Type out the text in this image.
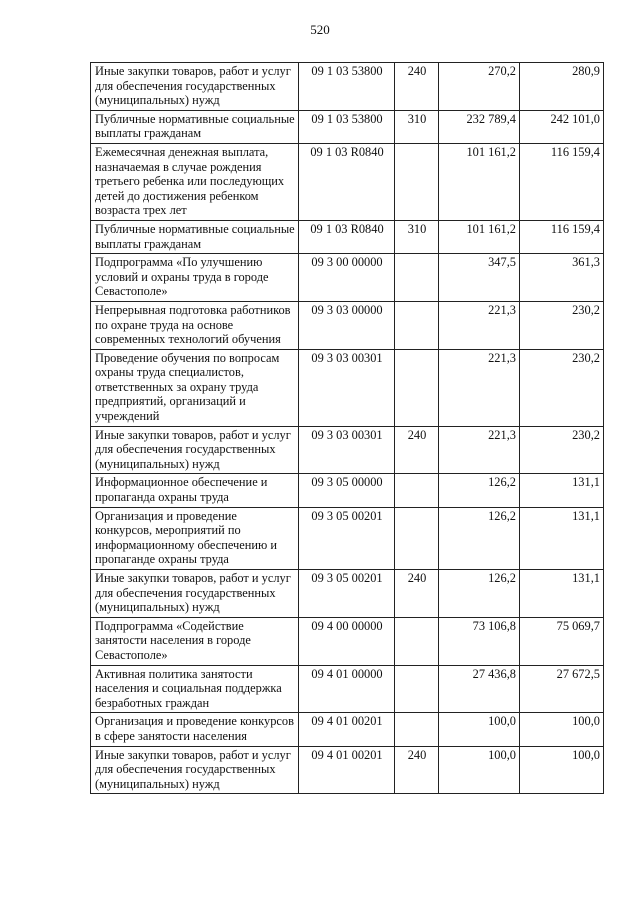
520
Иные закупки товаров, работ и услуг для обеспечения государственных (муниципальных) нужд	09 1 03 53800	240	270,2	280,9
Публичные нормативные социальные выплаты гражданам	09 1 03 53800	310	232 789,4	242 101,0
Ежемесячная денежная выплата, назначаемая в случае рождения третьего ребенка или последующих детей до достижения ребенком возраста трех лет	09 1 03 R0840		101 161,2	116 159,4
Публичные нормативные социальные выплаты гражданам	09 1 03 R0840	310	101 161,2	116 159,4
Подпрограмма «По улучшению условий и охраны труда в городе Севастополе»	09 3 00 00000		347,5	361,3
Непрерывная подготовка работников по охране труда на основе современных технологий обучения	09 3 03 00000		221,3	230,2
Проведение обучения по вопросам охраны труда специалистов, ответственных за охрану труда предприятий, организаций и учреждений	09 3 03 00301		221,3	230,2
Иные закупки товаров, работ и услуг для обеспечения государственных (муниципальных) нужд	09 3 03 00301	240	221,3	230,2
Информационное обеспечение и пропаганда охраны труда	09 3 05 00000		126,2	131,1
Организация и проведение конкурсов, мероприятий по информационному обеспечению и пропаганде охраны труда	09 3 05 00201		126,2	131,1
Иные закупки товаров, работ и услуг для обеспечения государственных (муниципальных) нужд	09 3 05 00201	240	126,2	131,1
Подпрограмма «Содействие занятости населения в городе Севастополе»	09 4 00 00000		73 106,8	75 069,7
Активная политика занятости населения и социальная поддержка безработных граждан	09 4 01 00000		27 436,8	27 672,5
Организация и проведение конкурсов в сфере занятости населения	09 4 01 00201		100,0	100,0
Иные закупки товаров, работ и услуг для обеспечения государственных (муниципальных) нужд	09 4 01 00201	240	100,0	100,0
